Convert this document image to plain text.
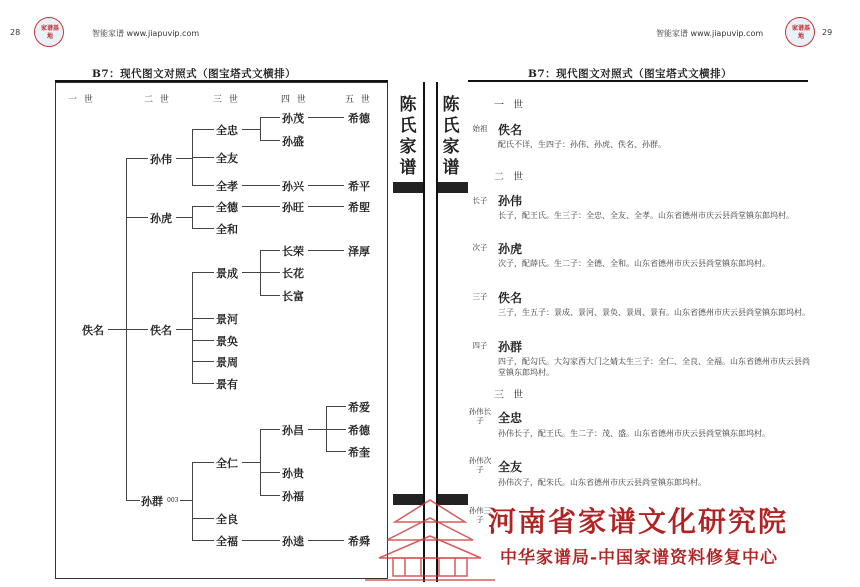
28	家谱基地	智能家谱 www.jiapuvip.com	智能家谱 www.jiapuvip.com
家谱基地	29
B7：现代图文对照式（图宝塔式文横排）	B7：现代图文对照式（图宝塔式文横排）
一 世	二 世	三 世	四 世	五 世
佚名
孙伟
孙虎
佚名
孙群 003
全忠
全友
全孝
孙茂
孙盛
希德
孙兴	希平
全德
全和
孙旺	希堲
景成
景河
景奂
景周
景有
长荣
长花
长富
泽厚
全仁
全良
全福
孙昌
孙贵
孙福
希爱
希德
希奎
孙逵	希舜
陈氏家谱
陈氏家谱
一 世
始祖 佚名
配氏不详，生四子：孙伟、孙虎、佚名、孙群。
二 世
长子 孙伟
长子，配王氏。生三子：全忠、全友、全孝。山东省德州市庆云县尚堂镇东郎坞村。
次子 孙虎
次子，配薛氏。生二子：全德、全和。山东省德州市庆云县尚堂镇东郎坞村。
三子 佚名
三子，生五子：景成、景河、景奂、景周、景有。山东省德州市庆云县尚堂镇东郎坞村。
四子 孙群
四子，配勾氏。大勾家西大门之婧太生三子：全仁、全良、全福。山东省德州市庆云县尚堂镇东郎坞村。
三 世
孙伟长子	全忠
孙伟长子，配王氏。生二子：茂、盛。山东省德州市庆云县尚堂镇东郎坞村。
孙伟次子	全友
孙伟次子，配朱氏。山东省德州市庆云县尚堂镇东郎坞村。
孙伟三子 河南省家谱文化研究院
中华家谱局-中国家谱资料修复中心
